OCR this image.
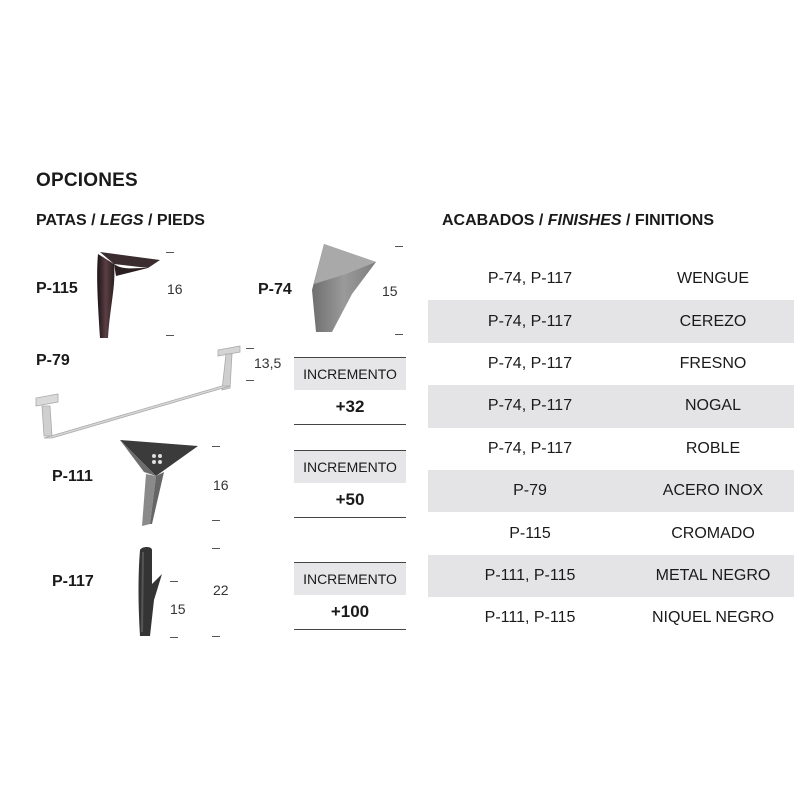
OPCIONES
PATAS / LEGS / PIEDS	ACABADOS / FINISHES / FINITIONS
P-115	16	P-74	15
P-79	13,5
P-111	16
P-117
15
22
INCREMENTO
+32
INCREMENTO
+50
INCREMENTO
+100
P-74, P-117	WENGUE
P-74, P-117	CEREZO
P-74, P-117	FRESNO
P-74, P-117	NOGAL
P-74, P-117	ROBLE
P-79	ACERO INOX
P-115	CROMADO
P-111, P-115	METAL NEGRO
P-111, P-115	NIQUEL NEGRO
